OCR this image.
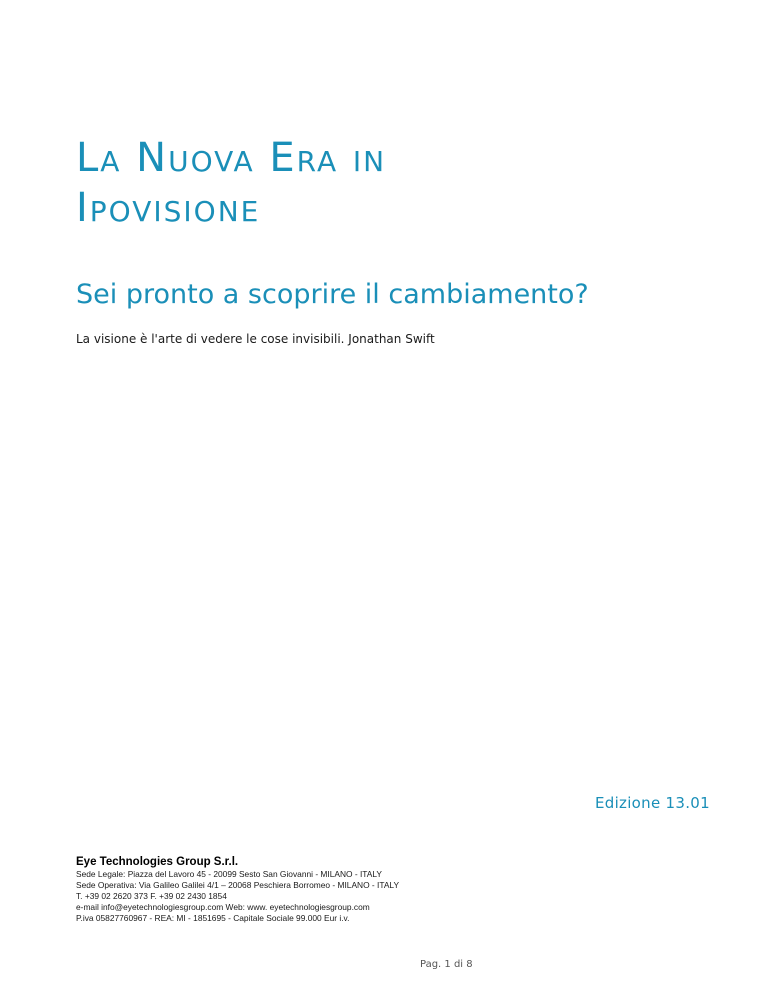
La Nuova Era in
Ipovisione
Sei pronto a scoprire il cambiamento?

La visione è l'arte di vedere le cose invisibili. Jonathan Swift

Edizione 13.01

Eye Technologies Group S.r.l.

Sede Legale: Piazza del Lavoro 45 - 20099 Sesto San Giovanni - MILANO - ITALY

Sede Operativa: Via Galileo Galilei 4/1 – 20068 Peschiera Borromeo - MILANO - ITALY

T. +39 02 2620 373 F. +39 02 2430 1854

e-mail info@eyetechnologiesgroup.com Web: www. eyetechnologiesgroup.com

P.iva 05827760967 - REA: MI - 1851695 - Capitale Sociale 99.000 Eur i.v.

Pag. 1 di 8
